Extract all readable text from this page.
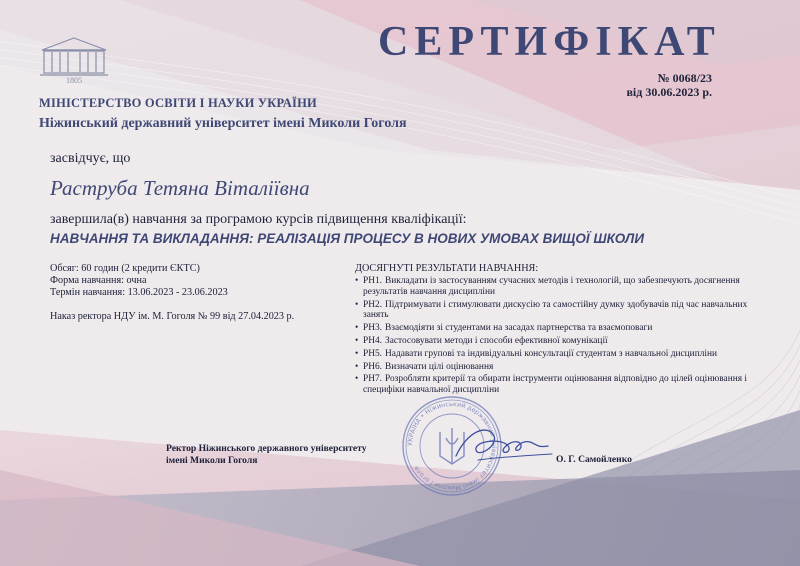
1805
СЕРТИФІКАТ
№ 0068/23
від 30.06.2023 р.
МІНІСТЕРСТВО ОСВІТИ І НАУКИ УКРАЇНИ
Ніжинський державний університет імені Миколи Гоголя
засвідчує, що
Раструба Тетяна Віталіївна
завершила(в) навчання за програмою курсів підвищення кваліфікації:
НАВЧАННЯ ТА ВИКЛАДАННЯ: РЕАЛІЗАЦІЯ ПРОЦЕСУ В НОВИХ УМОВАХ ВИЩОЇ ШКОЛИ
Обсяг: 60 годин (2 кредити ЄКТС)
Форма навчання: очна
Термін навчання: 13.06.2023 - 23.06.2023
Наказ ректора НДУ ім. М. Гоголя № 99 від 27.04.2023 р.
ДОСЯГНУТІ РЕЗУЛЬТАТИ НАВЧАННЯ:
• РН1. Викладати із застосуванням сучасних методів і технологій, що забезпечують досягнення результатів навчання дисципліни
• РН2. Підтримувати і стимулювати дискусію та самостійну думку здобувачів під час навчальних занять
• РН3. Взаємодіяти зі студентами на засадах партнерства та взаємоповаги
• РН4. Застосовувати методи і способи ефективної комунікації
• РН5. Надавати групові та індивідуальні консультації студентам з навчальної дисципліни
• РН6. Визначати цілі оцінювання
• РН7. Розробляти критерії та обирати інструменти оцінювання відповідно до цілей оцінювання і специфіки навчальної дисципліни
Ректор Ніжинського державного університету
імені Миколи Гоголя
УКРАЇНА • Ніжинський державний університет імені Миколи Гоголя
О. Г. Самойленко
